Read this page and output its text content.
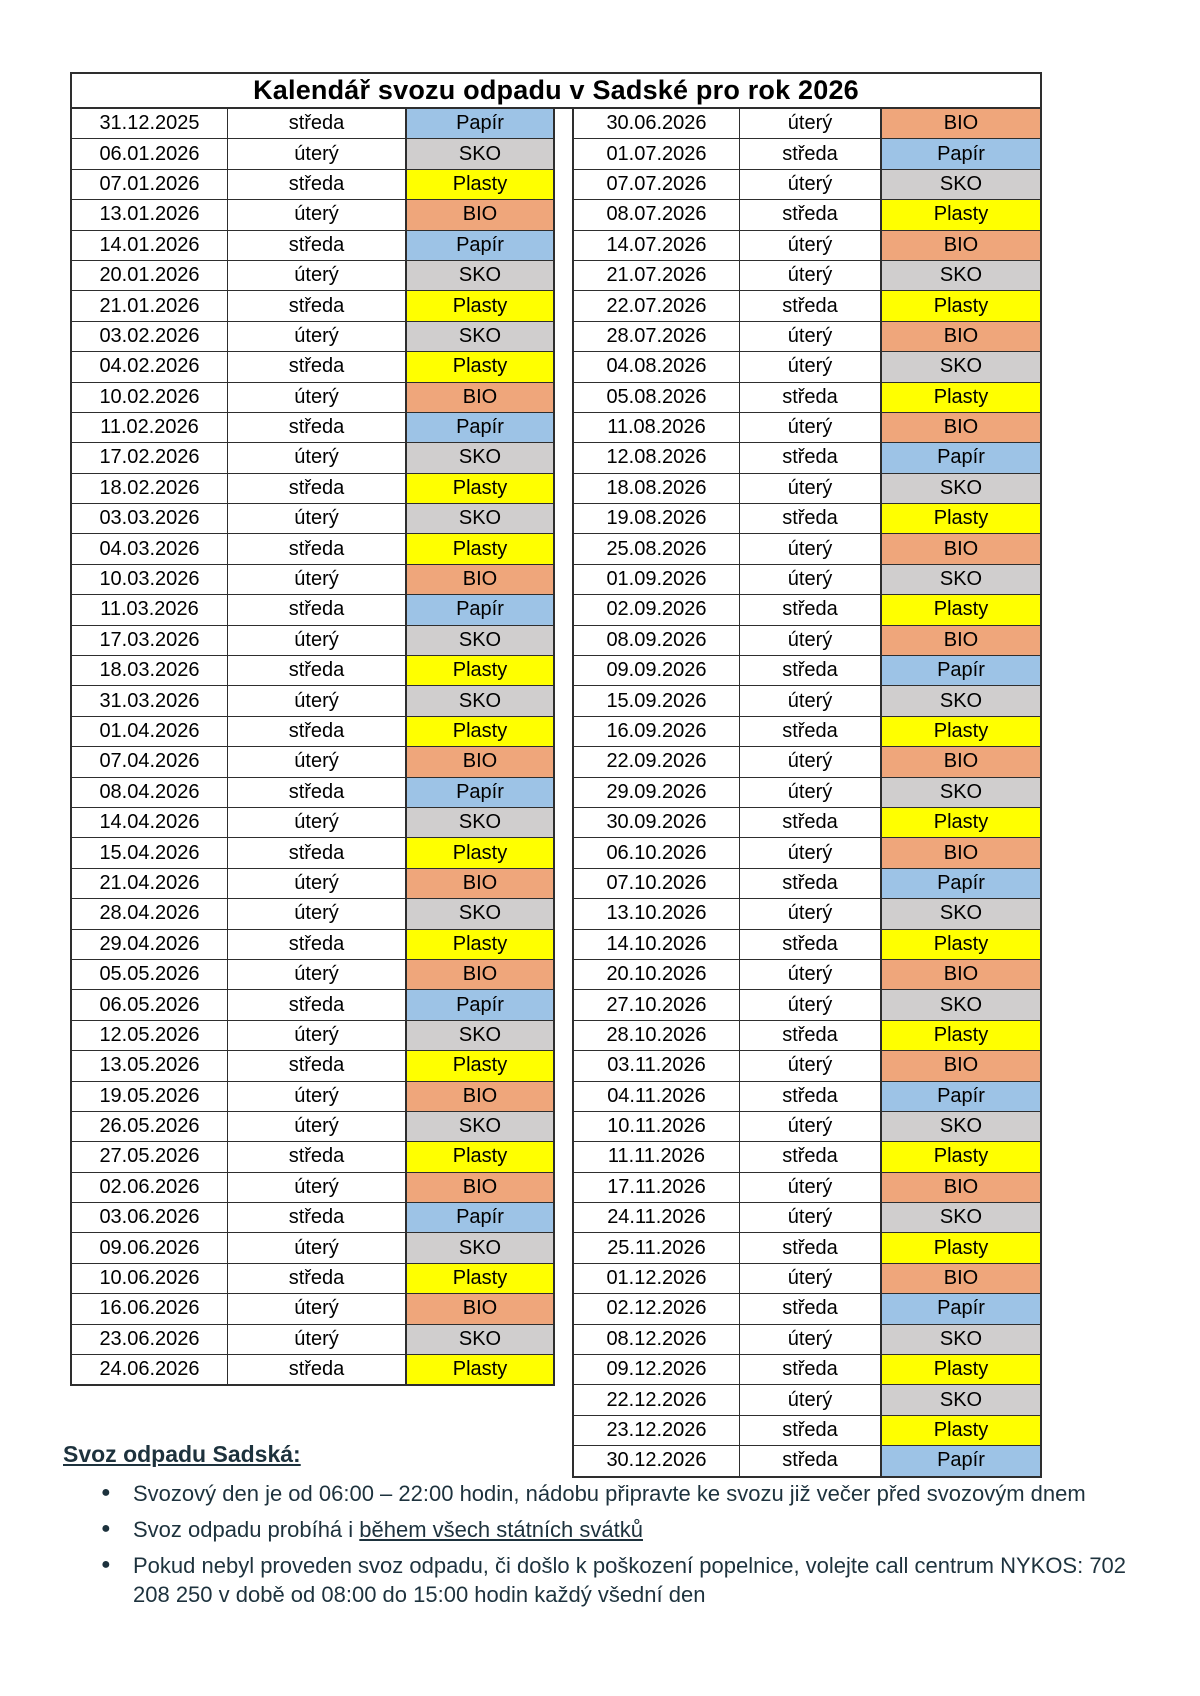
Kalendář svozu odpadu v Sadské pro rok 2026
31.12.2025	středa	Papír
06.01.2026	úterý	SKO
07.01.2026	středa	Plasty
13.01.2026	úterý	BIO
14.01.2026	středa	Papír
20.01.2026	úterý	SKO
21.01.2026	středa	Plasty
03.02.2026	úterý	SKO
04.02.2026	středa	Plasty
10.02.2026	úterý	BIO
11.02.2026	středa	Papír
17.02.2026	úterý	SKO
18.02.2026	středa	Plasty
03.03.2026	úterý	SKO
04.03.2026	středa	Plasty
10.03.2026	úterý	BIO
11.03.2026	středa	Papír
17.03.2026	úterý	SKO
18.03.2026	středa	Plasty
31.03.2026	úterý	SKO
01.04.2026	středa	Plasty
07.04.2026	úterý	BIO
08.04.2026	středa	Papír
14.04.2026	úterý	SKO
15.04.2026	středa	Plasty
21.04.2026	úterý	BIO
28.04.2026	úterý	SKO
29.04.2026	středa	Plasty
05.05.2026	úterý	BIO
06.05.2026	středa	Papír
12.05.2026	úterý	SKO
13.05.2026	středa	Plasty
19.05.2026	úterý	BIO
26.05.2026	úterý	SKO
27.05.2026	středa	Plasty
02.06.2026	úterý	BIO
03.06.2026	středa	Papír
09.06.2026	úterý	SKO
10.06.2026	středa	Plasty
16.06.2026	úterý	BIO
23.06.2026	úterý	SKO
24.06.2026	středa	Plasty
30.06.2026	úterý	BIO
01.07.2026	středa	Papír
07.07.2026	úterý	SKO
08.07.2026	středa	Plasty
14.07.2026	úterý	BIO
21.07.2026	úterý	SKO
22.07.2026	středa	Plasty
28.07.2026	úterý	BIO
04.08.2026	úterý	SKO
05.08.2026	středa	Plasty
11.08.2026	úterý	BIO
12.08.2026	středa	Papír
18.08.2026	úterý	SKO
19.08.2026	středa	Plasty
25.08.2026	úterý	BIO
01.09.2026	úterý	SKO
02.09.2026	středa	Plasty
08.09.2026	úterý	BIO
09.09.2026	středa	Papír
15.09.2026	úterý	SKO
16.09.2026	středa	Plasty
22.09.2026	úterý	BIO
29.09.2026	úterý	SKO
30.09.2026	středa	Plasty
06.10.2026	úterý	BIO
07.10.2026	středa	Papír
13.10.2026	úterý	SKO
14.10.2026	středa	Plasty
20.10.2026	úterý	BIO
27.10.2026	úterý	SKO
28.10.2026	středa	Plasty
03.11.2026	úterý	BIO
04.11.2026	středa	Papír
10.11.2026	úterý	SKO
11.11.2026	středa	Plasty
17.11.2026	úterý	BIO
24.11.2026	úterý	SKO
25.11.2026	středa	Plasty
01.12.2026	úterý	BIO
02.12.2026	středa	Papír
08.12.2026	úterý	SKO
09.12.2026	středa	Plasty
22.12.2026	úterý	SKO
23.12.2026	středa	Plasty
30.12.2026	středa	Papír
Svoz odpadu Sadská:
● Svozový den je od 06:00 – 22:00 hodin, nádobu připravte ke svozu již večer před svozovým dnem
● Svoz odpadu probíhá i během všech státních svátků
● Pokud nebyl proveden svoz odpadu, či došlo k poškození popelnice, volejte call centrum NYKOS: 702 208 250 v době od 08:00 do 15:00 hodin každý všední den
